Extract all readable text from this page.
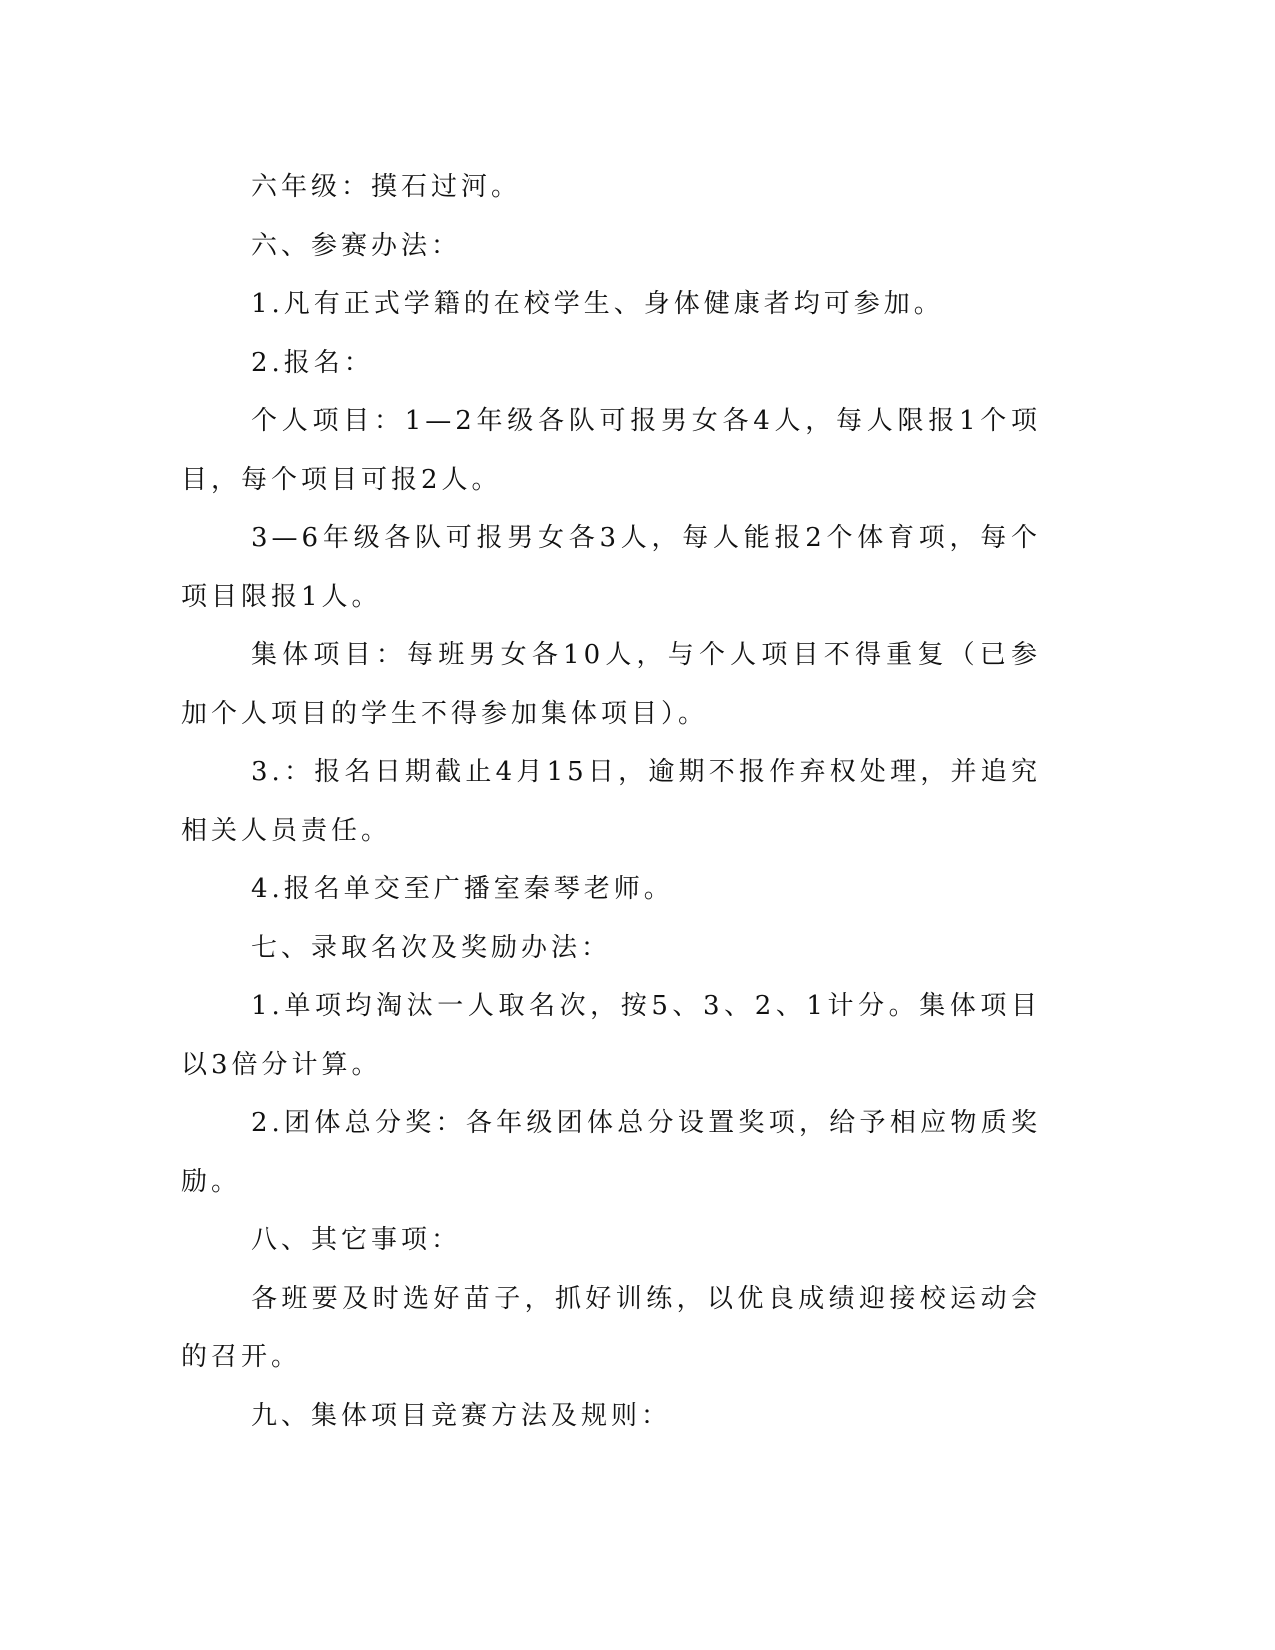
六年级：摸石过河。

六、参赛办法：

1.凡有正式学籍的在校学生、身体健康者均可参加。

2.报名：

个人项目：1—2年级各队可报男女各4人，每人限报1个项目，每个项目可报2人。

3—6年级各队可报男女各3人，每人能报2个体育项，每个项目限报1人。

集体项目：每班男女各10人，与个人项目不得重复（已参加个人项目的学生不得参加集体项目）。

3.：报名日期截止4月15日，逾期不报作弃权处理，并追究相关人员责任。

4.报名单交至广播室秦琴老师。

七、录取名次及奖励办法：

1.单项均淘汰一人取名次，按5、3、2、1计分。集体项目以3倍分计算。

2.团体总分奖：各年级团体总分设置奖项，给予相应物质奖励。

八、其它事项：

各班要及时选好苗子，抓好训练，以优良成绩迎接校运动会的召开。

九、集体项目竞赛方法及规则：
